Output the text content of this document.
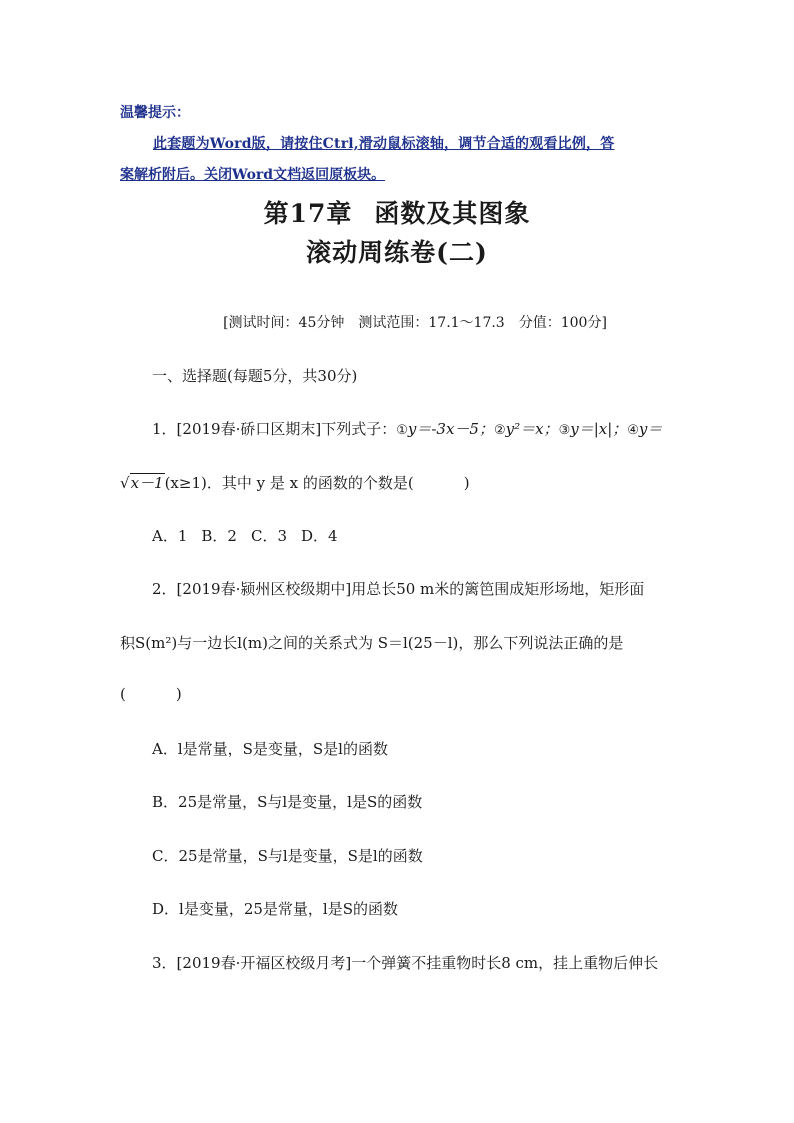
温馨提示：
此套题为Word版，请按住Ctrl,滑动鼠标滚轴，调节合适的观看比例，答
案解析附后。关闭Word文档返回原板块。
第17章 函数及其图象
滚动周练卷(二)
[测试时间：45分钟 测试范围：17.1～17.3 分值：100分]
一、选择题(每题5分，共30分)
1．[2019春·硚口区期末]下列式子：①y＝-3x－5；②y²＝x；③y＝|x|；④y＝
√x－1(x≥1)．其中 y 是 x 的函数的个数是(	)
A．1 B．2 C．3 D．4
2．[2019春·颍州区校级期中]用总长50 m米的篱笆围成矩形场地，矩形面
积S(m²)与一边长l(m)之间的关系式为 S＝l(25－l)，那么下列说法正确的是
(	)
A．l是常量，S是变量，S是l的函数
B．25是常量，S与l是变量，l是S的函数
C．25是常量，S与l是变量，S是l的函数
D．l是变量，25是常量，l是S的函数
3．[2019春·开福区校级月考]一个弹簧不挂重物时长8 cm，挂上重物后伸长
